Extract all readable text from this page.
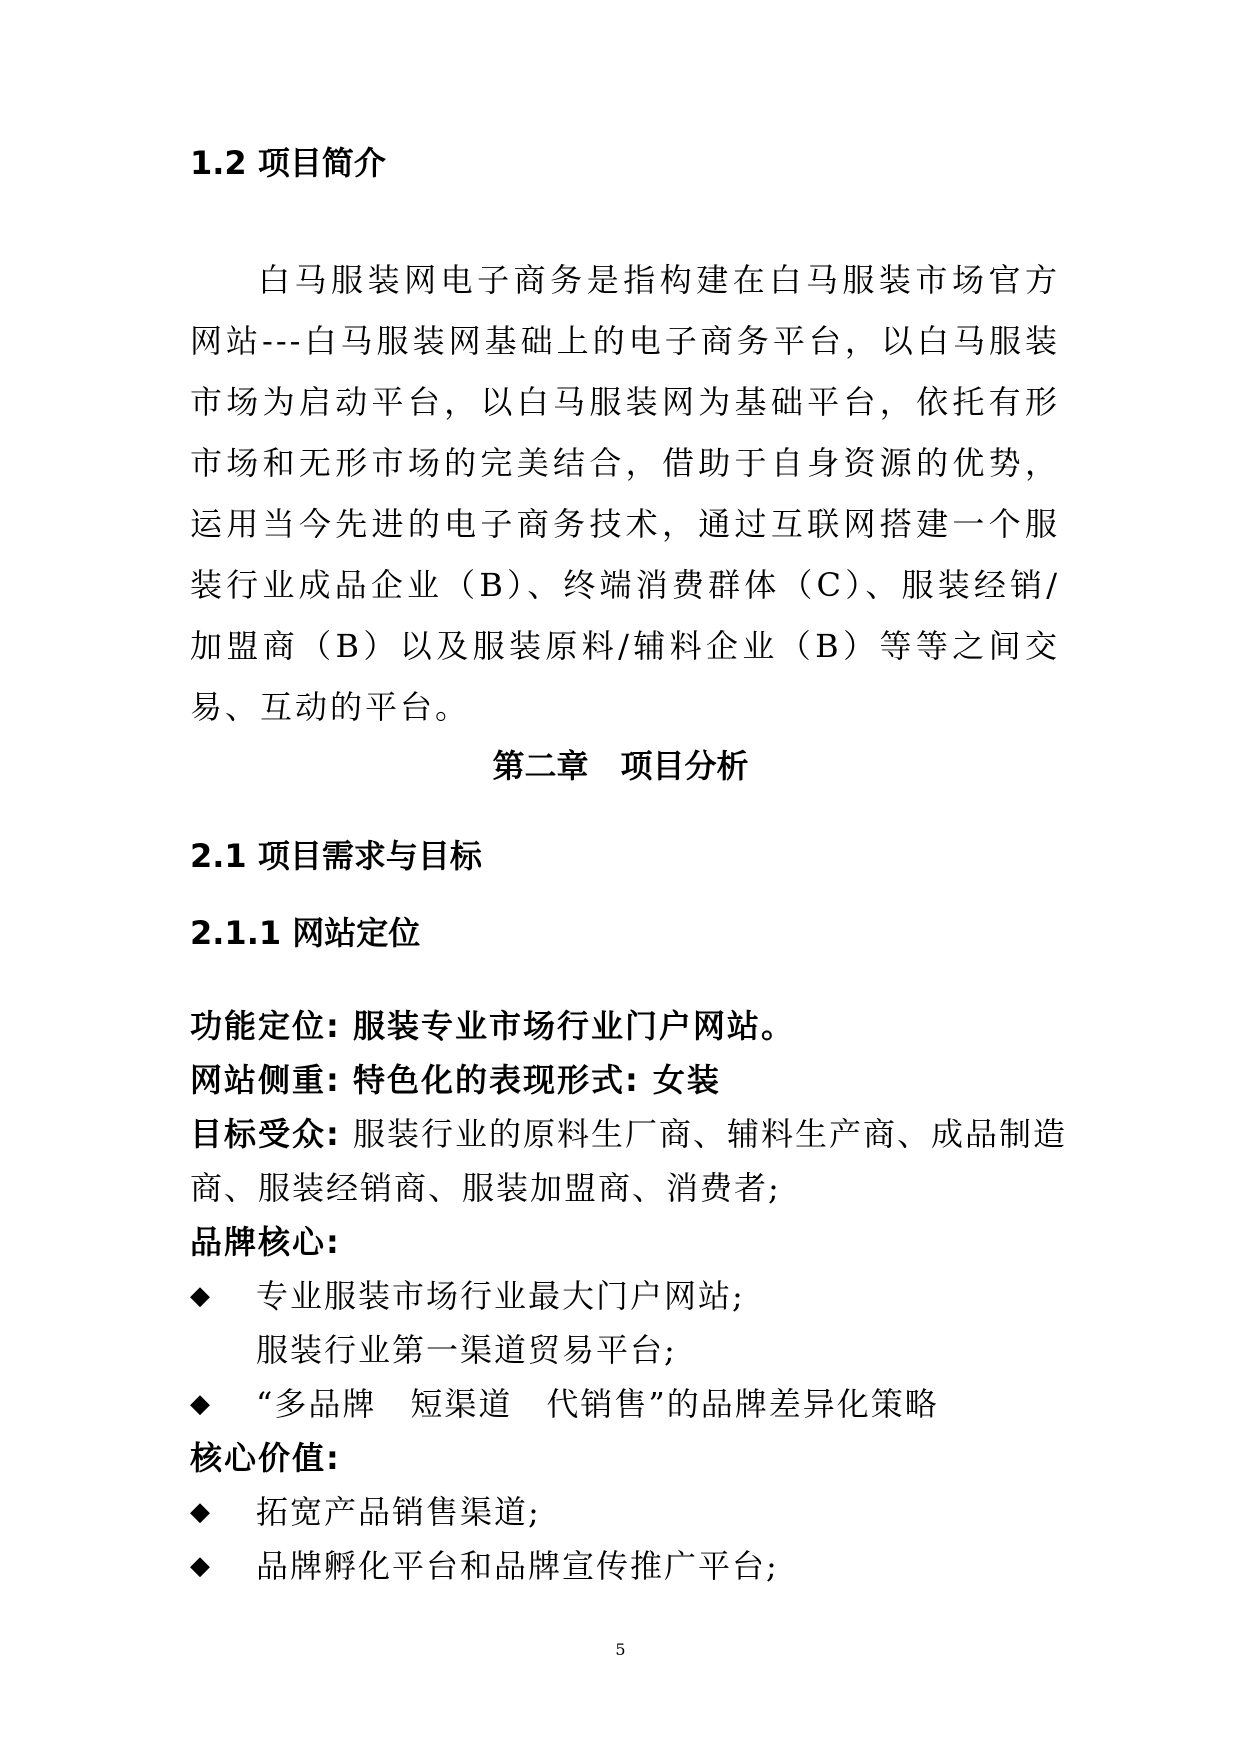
1.2 项目简介

白马服装网电子商务是指构建在白马服装市场官方网站---白马服装网基础上的电子商务平台，以白马服装市场为启动平台，以白马服装网为基础平台，依托有形市场和无形市场的完美结合，借助于自身资源的优势，运用当今先进的电子商务技术，通过互联网搭建一个服装行业成品企业（B）、终端消费群体（C）、服装经销/加盟商（B）以及服装原料/辅料企业（B）等等之间交易、互动的平台。

第二章　项目分析
2.1 项目需求与目标
2.1.1 网站定位
功能定位: 服装专业市场行业门户网站。
网站侧重: 特色化的表现形式: 女装
目标受众: 服装行业的原料生厂商、辅料生产商、成品制造
商、服装经销商、服装加盟商、消费者;
品牌核心:
◆ 专业服装市场行业最大门户网站;
服装行业第一渠道贸易平台;
◆ “多品牌　短渠道　代销售”的品牌差异化策略
核心价值:
◆ 拓宽产品销售渠道;
◆ 品牌孵化平台和品牌宣传推广平台;
5
